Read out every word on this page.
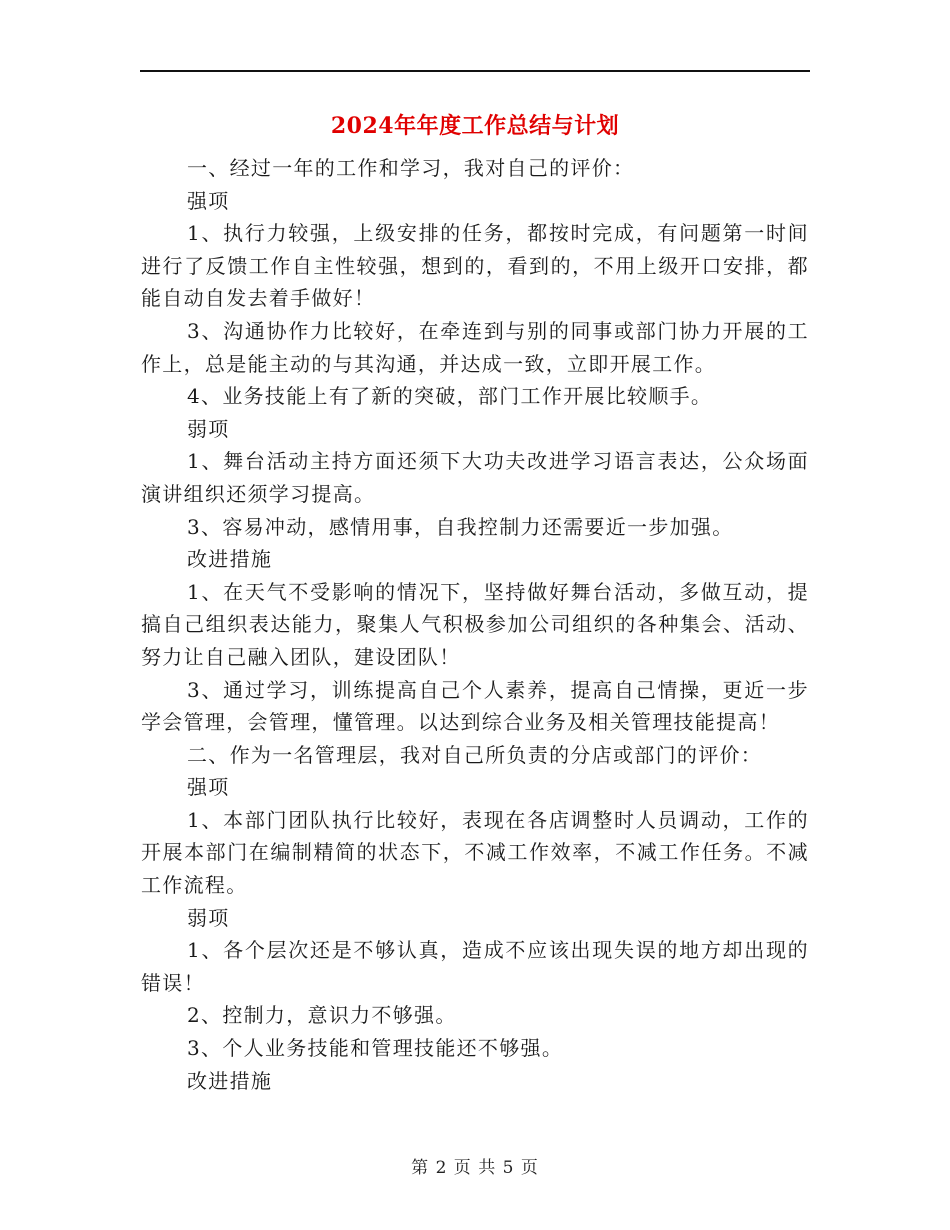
2024年年度工作总结与计划

一、经过一年的工作和学习，我对自己的评价：

强项

1、执行力较强，上级安排的任务，都按时完成，有问题第一时间进行了反馈工作自主性较强，想到的，看到的，不用上级开口安排，都能自动自发去着手做好！

3、沟通协作力比较好，在牵连到与别的同事或部门协力开展的工作上，总是能主动的与其沟通，并达成一致，立即开展工作。

4、业务技能上有了新的突破，部门工作开展比较顺手。

弱项

1、舞台活动主持方面还须下大功夫改进学习语言表达，公众场面演讲组织还须学习提高。

3、容易冲动，感情用事，自我控制力还需要近一步加强。

改进措施

1、在天气不受影响的情况下，坚持做好舞台活动，多做互动，提搞自己组织表达能力，聚集人气积极参加公司组织的各种集会、活动、努力让自己融入团队，建设团队！

3、通过学习，训练提高自己个人素养，提高自己情操，更近一步学会管理，会管理，懂管理。以达到综合业务及相关管理技能提高！

二、作为一名管理层，我对自己所负责的分店或部门的评价：

强项

1、本部门团队执行比较好，表现在各店调整时人员调动，工作的开展本部门在编制精简的状态下，不减工作效率，不减工作任务。不减工作流程。

弱项

1、各个层次还是不够认真，造成不应该出现失误的地方却出现的错误！

2、控制力，意识力不够强。

3、个人业务技能和管理技能还不够强。

改进措施

第 2 页 共 5 页
